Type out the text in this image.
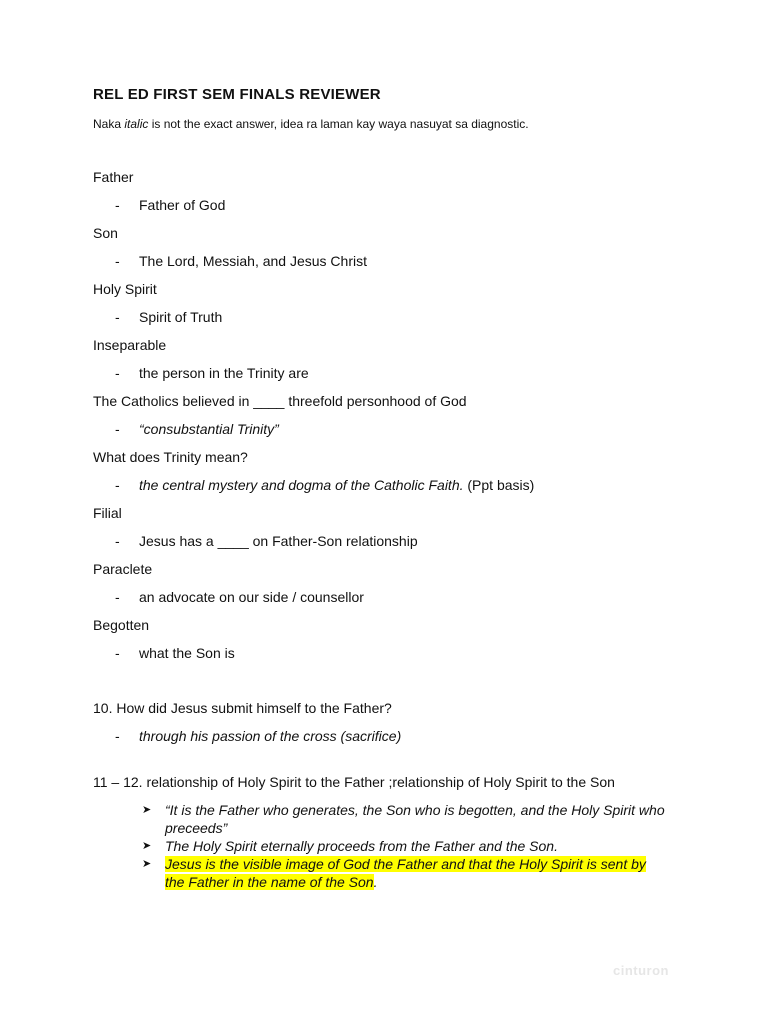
REL ED FIRST SEM FINALS REVIEWER
Naka italic is not the exact answer, idea ra laman kay waya nasuyat sa diagnostic.
Father
- Father of God
Son
- The Lord, Messiah, and Jesus Christ
Holy Spirit
- Spirit of Truth
Inseparable
- the person in the Trinity are
The Catholics believed in ____ threefold personhood of God
- “consubstantial Trinity”
What does Trinity mean?
- the central mystery and dogma of the Catholic Faith. (Ppt basis)
Filial
- Jesus has a ____ on Father-Son relationship
Paraclete
- an advocate on our side / counsellor
Begotten
- what the Son is
10. How did Jesus submit himself to the Father?
- through his passion of the cross (sacrifice)
11 – 12. relationship of Holy Spirit to the Father ;relationship of Holy Spirit to the Son
➤ “It is the Father who generates, the Son who is begotten, and the Holy Spirit who preceeds”
➤ The Holy Spirit eternally proceeds from the Father and the Son.
➤ Jesus is the visible image of God the Father and that the Holy Spirit is sent by the Father in the name of the Son.
cinturon
